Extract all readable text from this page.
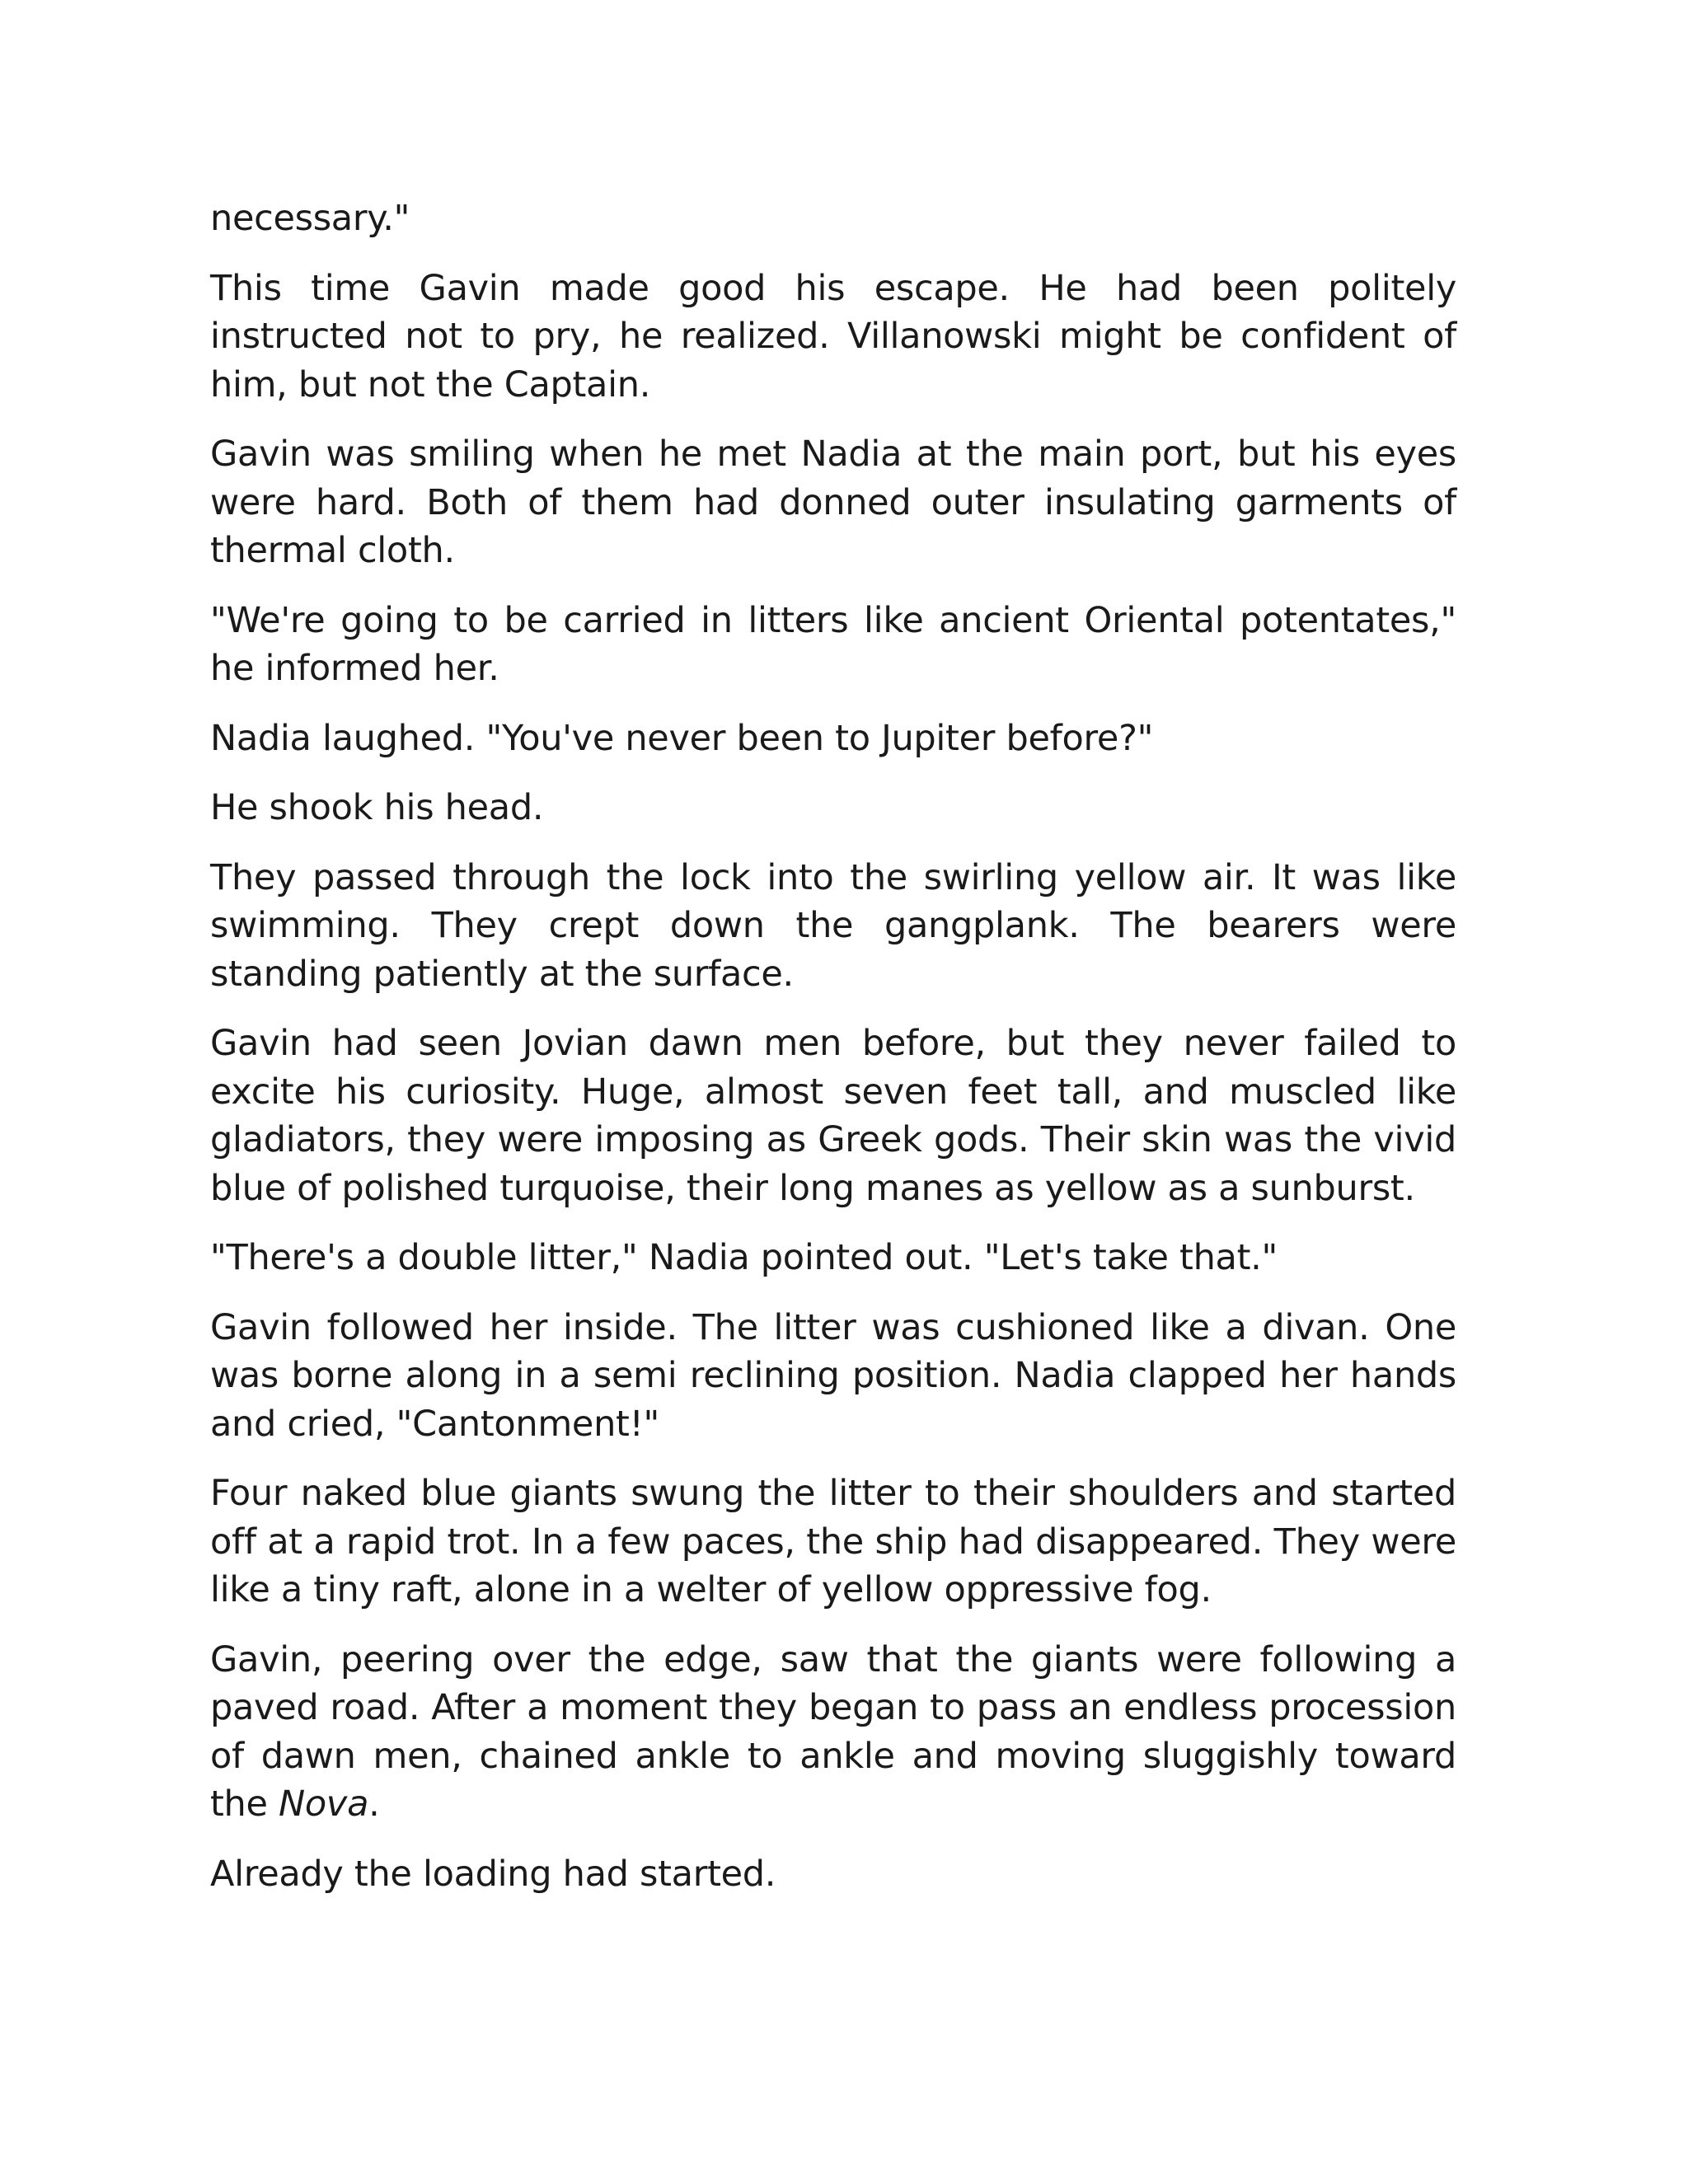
necessary."

This time Gavin made good his escape. He had been politely instructed not to pry, he realized. Villanowski might be confident of him, but not the Captain.

Gavin was smiling when he met Nadia at the main port, but his eyes were hard. Both of them had donned outer insulating garments of thermal cloth.

"We're going to be carried in litters like ancient Oriental potentates," he informed her.

Nadia laughed. "You've never been to Jupiter before?"

He shook his head.

They passed through the lock into the swirling yellow air. It was like swimming. They crept down the gangplank. The bearers were standing patiently at the surface.

Gavin had seen Jovian dawn men before, but they never failed to excite his curiosity. Huge, almost seven feet tall, and muscled like gladiators, they were imposing as Greek gods. Their skin was the vivid blue of polished turquoise, their long manes as yellow as a sunburst.

"There's a double litter," Nadia pointed out. "Let's take that."

Gavin followed her inside. The litter was cushioned like a divan. One was borne along in a semi reclining position. Nadia clapped her hands and cried, "Cantonment!"

Four naked blue giants swung the litter to their shoulders and started off at a rapid trot. In a few paces, the ship had disappeared. They were like a tiny raft, alone in a welter of yellow oppressive fog.

Gavin, peering over the edge, saw that the giants were following a paved road. After a moment they began to pass an endless procession of dawn men, chained ankle to ankle and moving sluggishly toward the Nova.

Already the loading had started.
